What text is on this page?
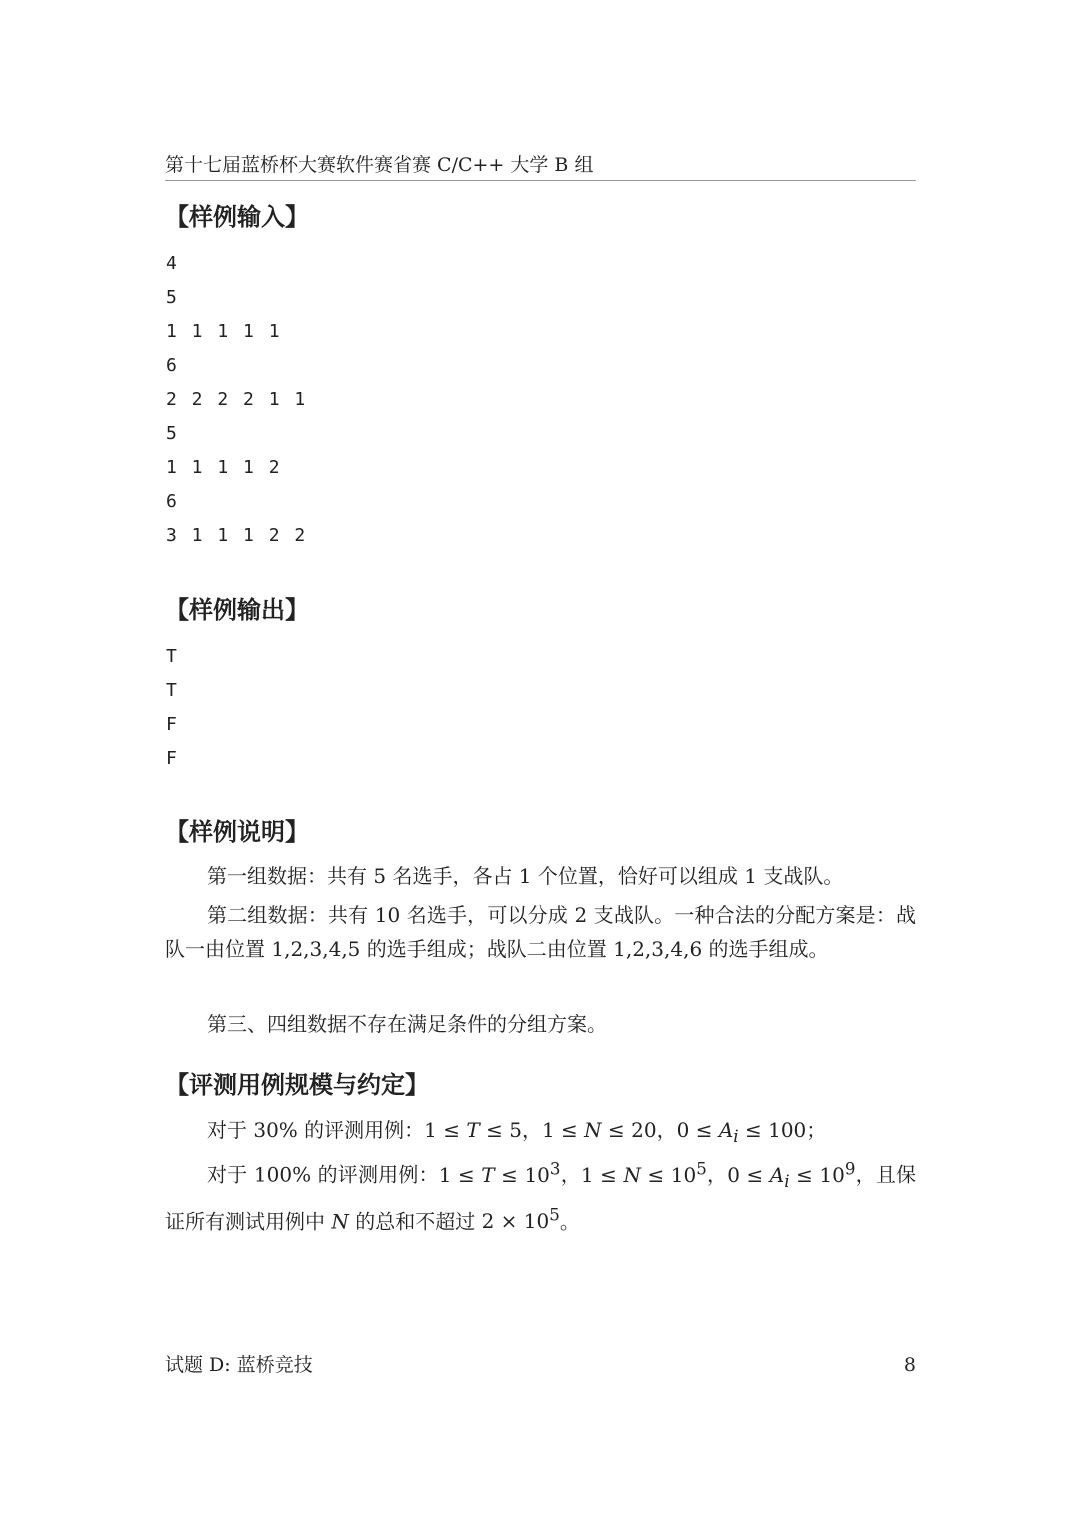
第十七届蓝桥杯大赛软件赛省赛 C/C++ 大学 B 组
【样例输入】
4
5
1 1 1 1 1
6
2 2 2 2 1 1
5
1 1 1 1 2
6
3 1 1 1 2 2
【样例输出】
T
T
F
F
【样例说明】
第一组数据：共有 5 名选手，各占 1 个位置，恰好可以组成 1 支战队。
第二组数据：共有 10 名选手，可以分成 2 支战队。一种合法的分配方案是：战队一由位置 1,2,3,4,5 的选手组成；战队二由位置 1,2,3,4,6 的选手组成。
第三、四组数据不存在满足条件的分组方案。
【评测用例规模与约定】
对于 30% 的评测用例：1 ≤ T ≤ 5，1 ≤ N ≤ 20，$0 \le A_i \le 100$；
对于 100% 的评测用例：$1 \le T \le 10^3$，$1 \le N \le 10^5$，$0 \le A_i \le 10^9$，且保证所有测试用例中 N 的总和不超过 $2 \times 10^5$。
试题 D: 蓝桥竞技	8
